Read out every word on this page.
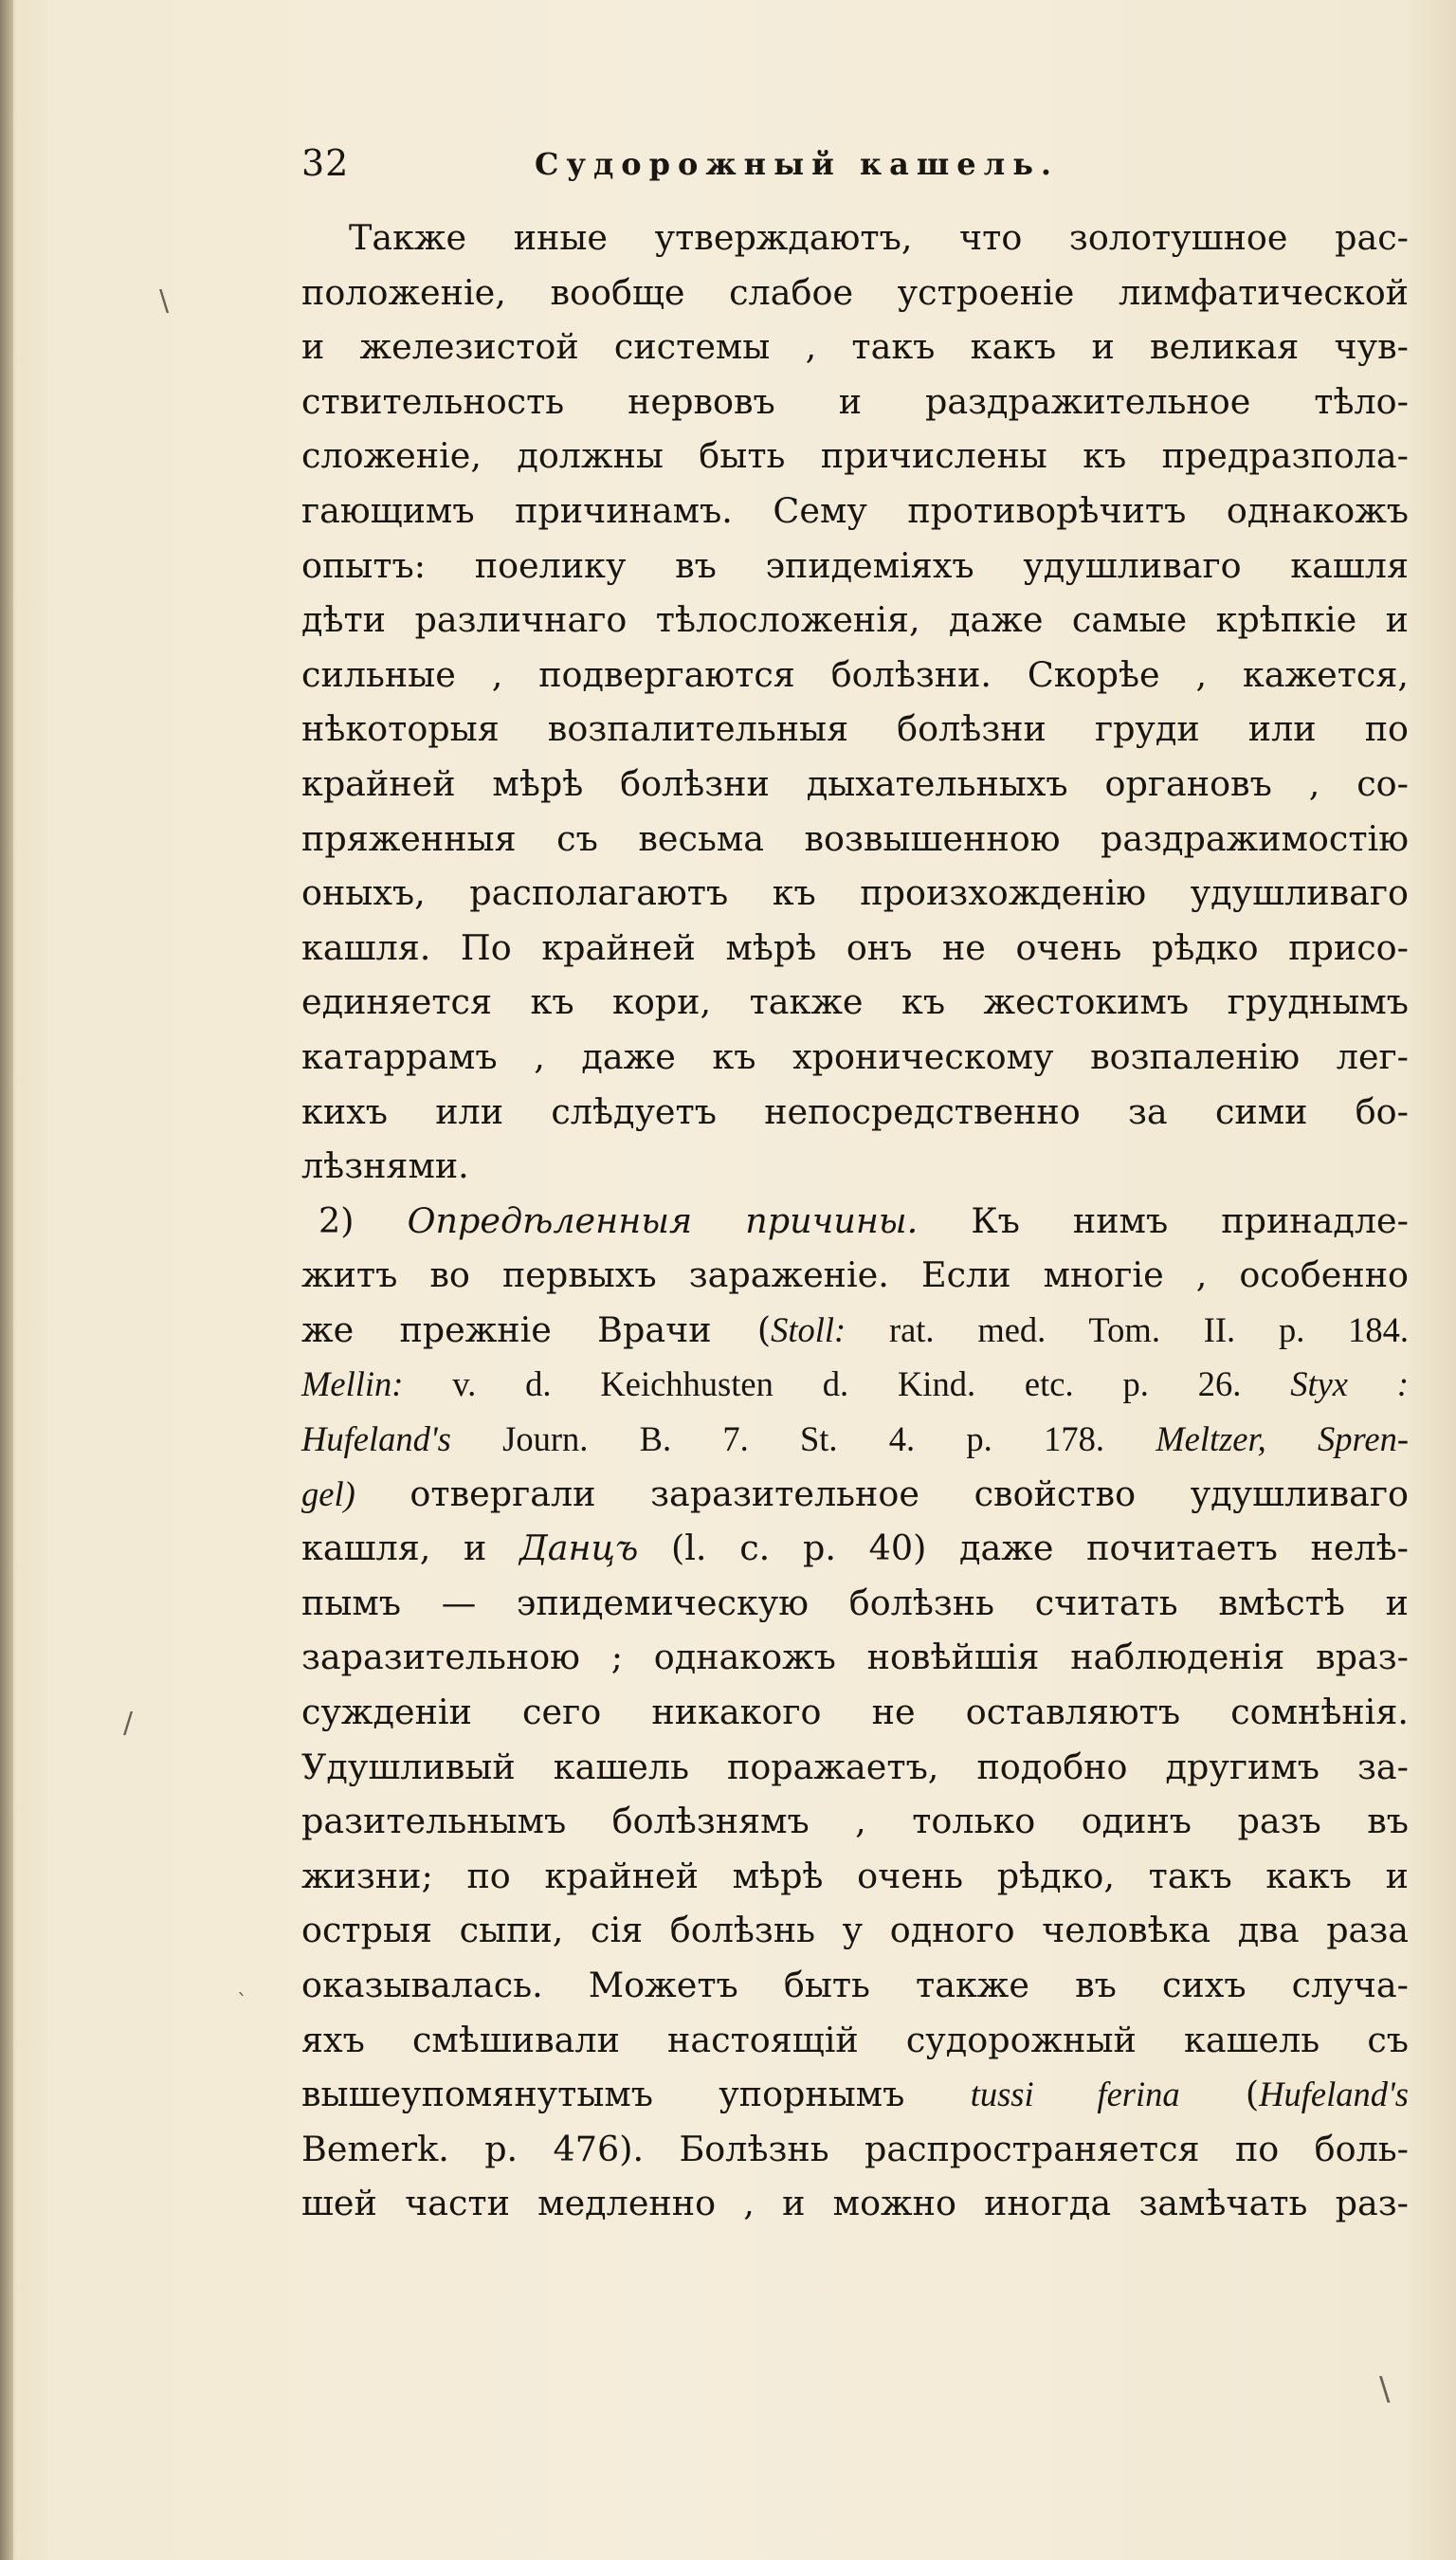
32	Судорожный кашель.
Также иные утверждаютъ, что золотушное рас-
положеніе, вообще слабое устроеніе лимфатической
и железистой системы , такъ какъ и великая чув-
ствительность нервовъ и раздражительное тѣло-
сложеніе, должны быть причислены къ предразпола-
гающимъ причинамъ. Сему противорѣчитъ однакожъ
опытъ: поелику въ эпидеміяхъ удушливаго кашля
дѣти различнаго тѣлосложенія, даже самые крѣпкіе и
сильные , подвергаются болѣзни. Скорѣе , кажется,
нѣкоторыя возпалительныя болѣзни груди или по
крайней мѣрѣ болѣзни дыхательныхъ органовъ , со-
пряженныя съ весьма возвышенною раздражимостію
оныхъ, располагаютъ къ произхожденію удушливаго
кашля. По крайней мѣрѣ онъ не очень рѣдко присо-
единяется къ кори, также къ жестокимъ груднымъ
катаррамъ , даже къ хроническому возпаленію лег-
кихъ или слѣдуетъ непосредственно за сими бо-
лѣзнями.
2) Опредѣленныя причины. Къ нимъ принадле-
житъ во первыхъ зараженіе. Если многіе , особенно
же прежніе Врачи (Stoll: rat. med. Tom. II. p. 184.
Mellin: v. d. Keichhusten d. Kind. etc. p. 26. Styx :
Hufeland's Journ. B. 7. St. 4. p. 178. Meltzer, Spren-
gel) отвергали заразительное свойство удушливаго
кашля, и Данцъ (l. c. p. 40) даже почитаетъ нелѣ-
пымъ — эпидемическую болѣзнь считать вмѣстѣ и
заразительною ; однакожъ новѣйшія наблюденія враз-
сужденіи сего никакого не оставляютъ сомнѣнія.
Удушливый кашель поражаетъ, подобно другимъ за-
разительнымъ болѣзнямъ , только одинъ разъ въ
жизни; по крайней мѣрѣ очень рѣдко, такъ какъ и
острыя сыпи, сія болѣзнь у одного человѣка два раза
оказывалась. Можетъ быть также въ сихъ случа-
яхъ смѣшивали настоящій судорожный кашель съ
вышеупомянутымъ упорнымъ tussi ferina (Hufeland's
Bemerk. p. 476). Болѣзнь распространяется по боль-
шей части медленно , и можно иногда замѣчать раз-
\
/
`
\
